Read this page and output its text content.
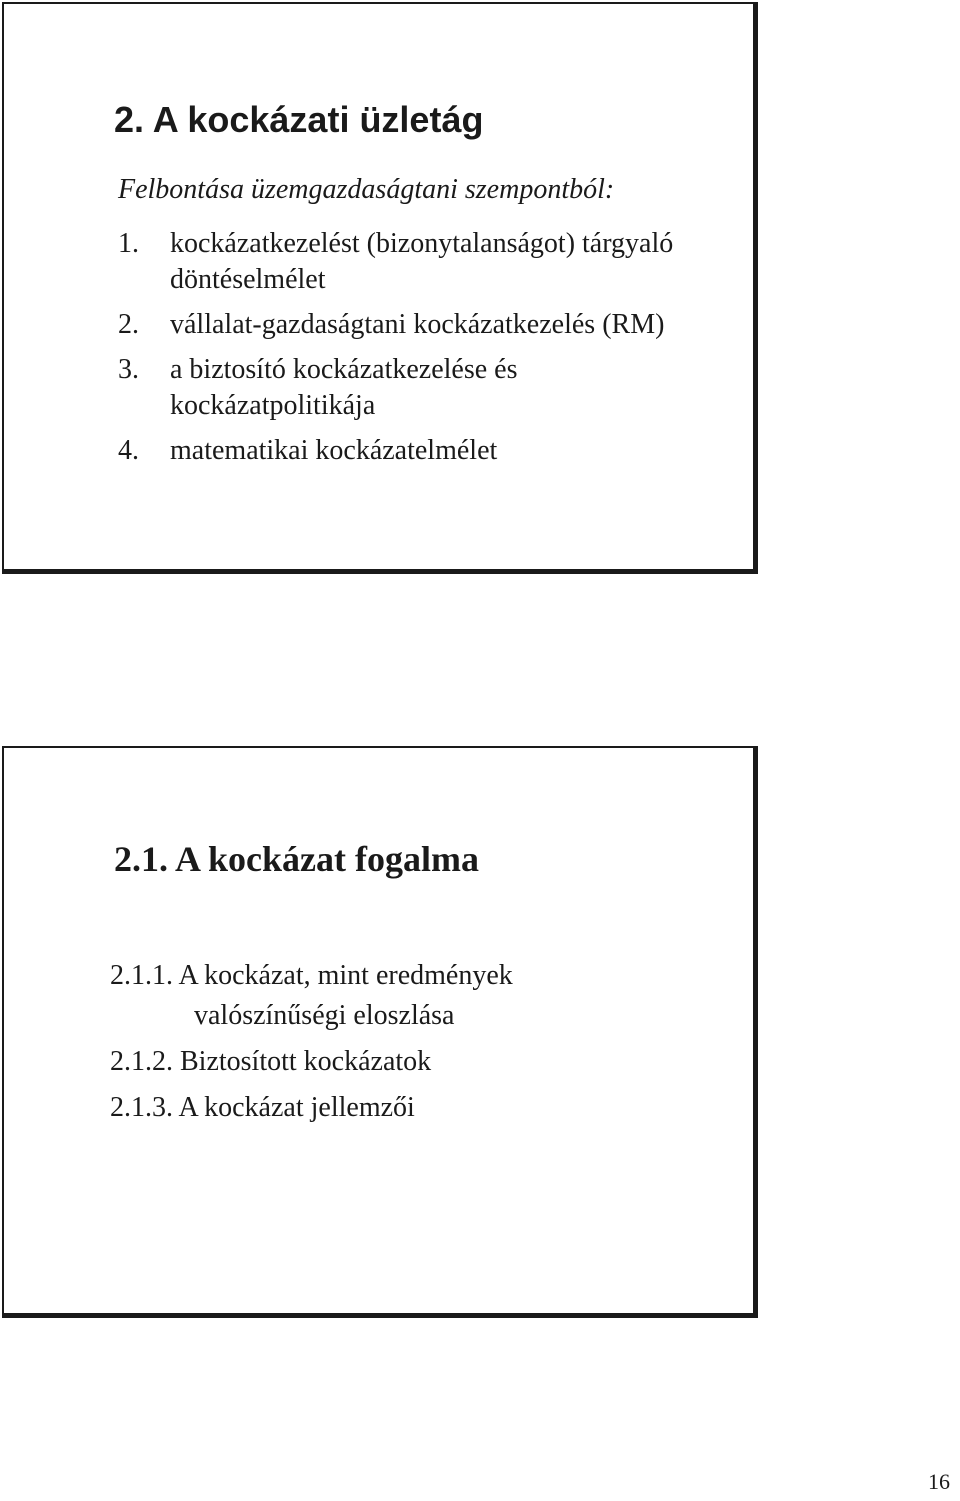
2. A kockázati üzletág

Felbontása üzemgazdaságtani szempontból:

1. kockázatkezelést (bizonytalanságot) tárgyaló döntéselmélet
2. vállalat-gazdaságtani kockázatkezelés (RM)
3. a biztosító kockázatkezelése és kockázatpolitikája
4. matematikai kockázatelmélet
2.1. A kockázat fogalma
2.1.1. A kockázat, mint eredmények
valószínűségi eloszlása
2.1.2. Biztosított kockázatok
2.1.3. A kockázat jellemzői
16
